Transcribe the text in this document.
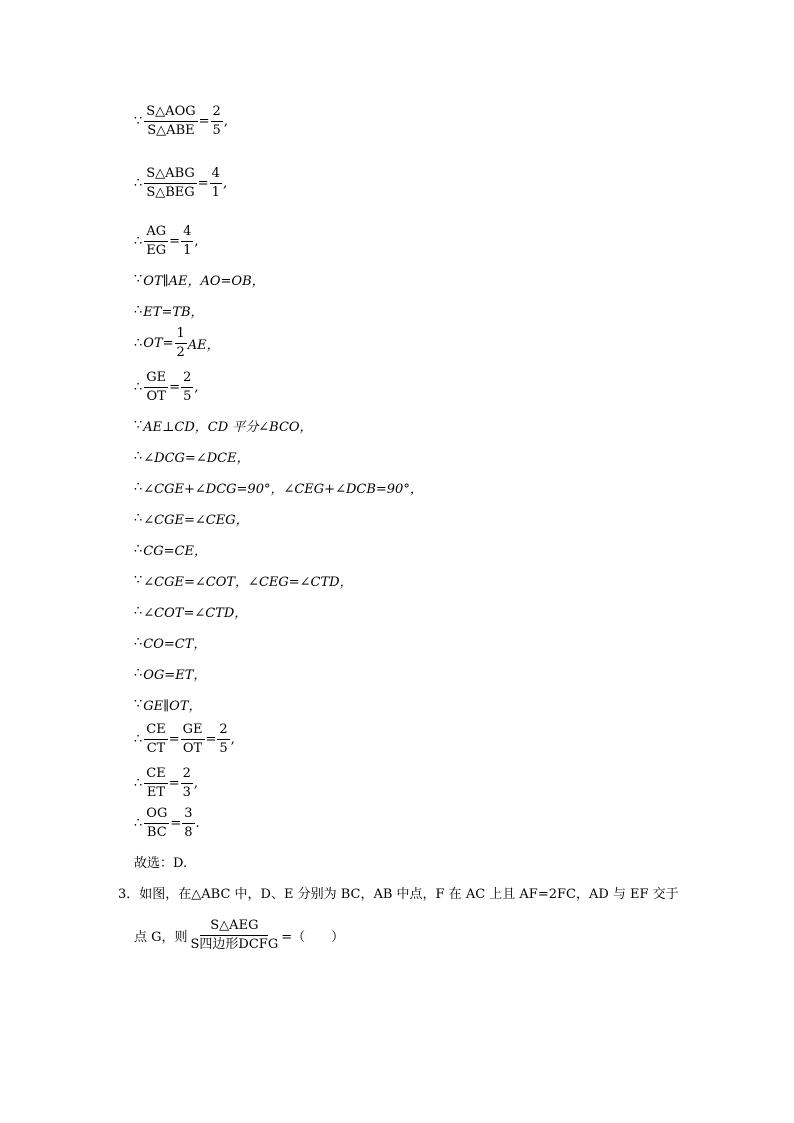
∵ $\frac{\text{S△AOG}}{\text{S△ABE}} = \frac{2}{5}$ ,
∴ $\frac{\text{S△ABG}}{\text{S△BEG}} = \frac{4}{1}$ ,
∴ $\frac{AG}{EG} = \frac{4}{1}$ ,
∵ OT∥AE，AO=OB，
∴ ET=TB，
∴ $OT= \frac{1}{2}$ AE，
∴ $\frac{GE}{OT} = \frac{2}{5}$ ,
∵ AE⊥CD，CD 平分∠BCO，
∴ ∠DCG=∠DCE，
∴ ∠CGE+∠DCG=90°，∠CEG+∠DCB=90°，
∴ ∠CGE=∠CEG，
∴ CG=CE，
∵ ∠CGE=∠COT，∠CEG=∠CTD，
∴ ∠COT=∠CTD，
∴ CO=CT，
∴ OG=ET，
∵ GE∥OT，
∴ $\frac{CE}{CT} = \frac{GE}{OT} = \frac{2}{5}$ ,
∴ $\frac{CE}{ET} = \frac{2}{3}$ ,
∴ $\frac{OG}{BC} = \frac{3}{8}$ .
故选：D.
3． 如图，在△ABC 中，D、E 分别为 BC，AB 中点，F 在 AC 上且 AF=2FC，AD 与 EF 交于
点 G，则 $\frac{\text{S△AEG}}{\text{S四边形DCFG}}$ =（　　）
